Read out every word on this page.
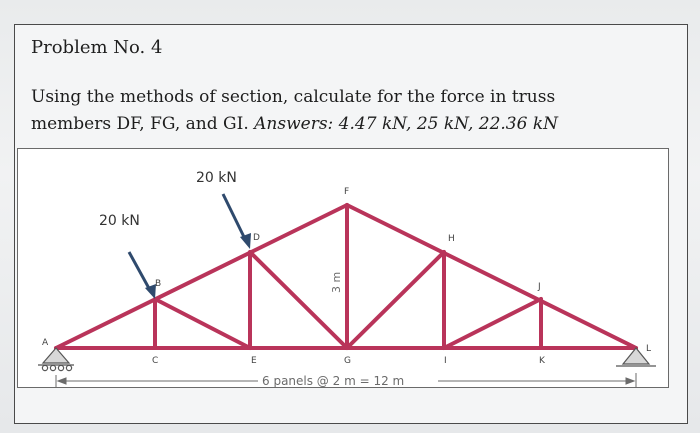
Problem No. 4
Using the methods of section, calculate for the force in truss
members DF, FG, and GI. Answers: 4.47 kN, 25 kN, 22.36 kN
20 kN
20 kN
3 m
6 panels @ 2 m = 12 m
A
B
C
D
E
F
G
H
I
J
K
L
